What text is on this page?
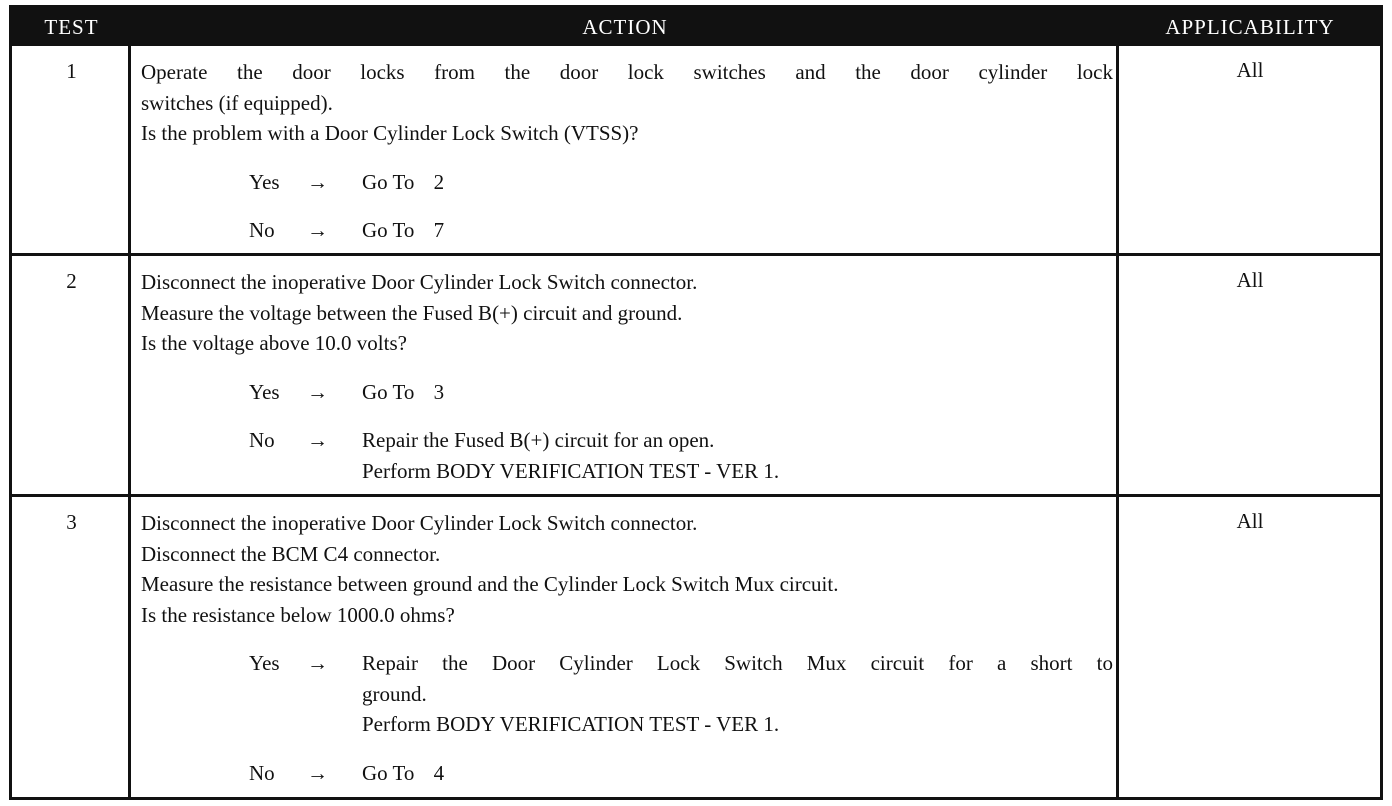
TEST	ACTION	APPLICABILITY
1	Operate the door locks from the door lock switches and the door cylinder lock

switches (if equipped).

Is the problem with a Door Cylinder Lock Switch (VTSS)?

Yes	→	Go To 2
No	→	Go To 7
All
2	Disconnect the inoperative Door Cylinder Lock Switch connector.

Measure the voltage between the Fused B(+) circuit and ground.

Is the voltage above 10.0 volts?

Yes	→	Go To 3
No	→	Repair the Fused B(+) circuit for an open.

Perform BODY VERIFICATION TEST - VER 1.

All
3	Disconnect the inoperative Door Cylinder Lock Switch connector.

Disconnect the BCM C4 connector.

Measure the resistance between ground and the Cylinder Lock Switch Mux circuit.

Is the resistance below 1000.0 ohms?

Yes	→	Repair the Door Cylinder Lock Switch Mux circuit for a short to

ground.

Perform BODY VERIFICATION TEST - VER 1.

No	→	Go To 4
All
